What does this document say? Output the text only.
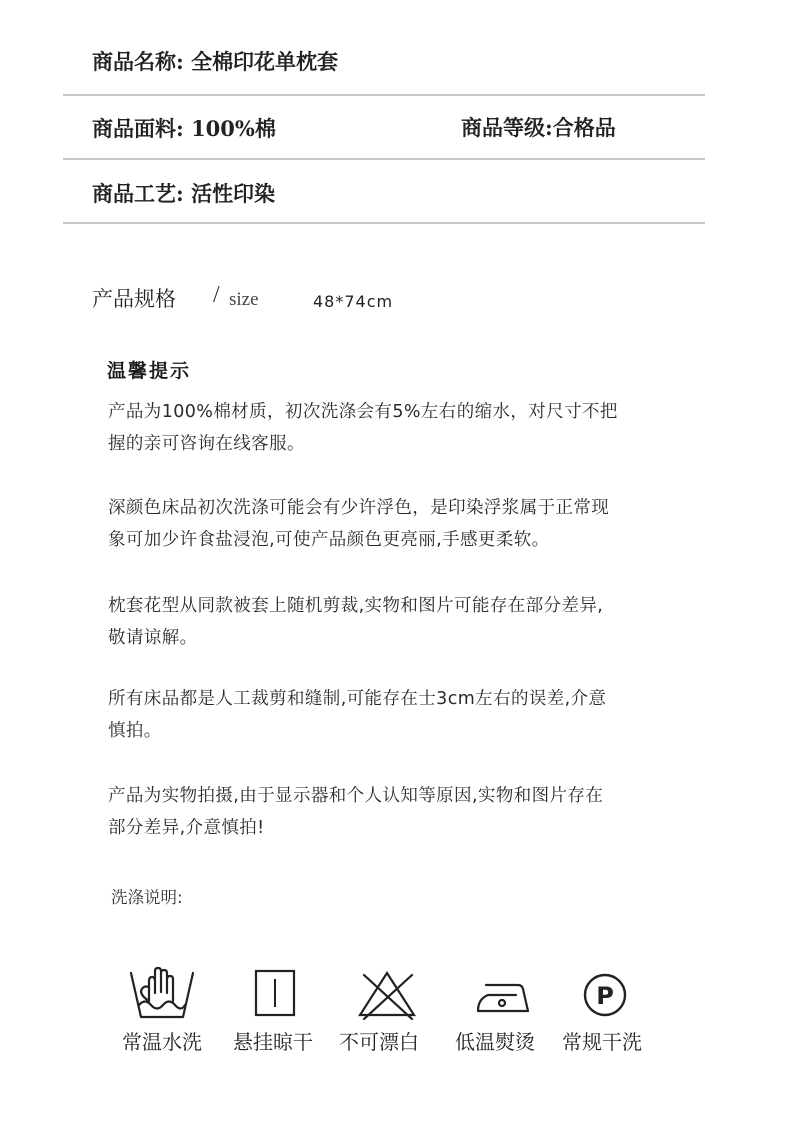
商品名称: 全棉印花单枕套
商品面料: 100%棉	商品等级:合格品
商品工艺: 活性印染
产品规格 / size	48*74cm
温馨提示
产品为100%棉材质，初次洗涤会有5%左右的缩水，对尺寸不把
握的亲可咨询在线客服。
深颜色床品初次洗涤可能会有少许浮色，是印染浮浆属于正常现
象可加少许食盐浸泡,可使产品颜色更亮丽,手感更柔软。
枕套花型从同款被套上随机剪裁,实物和图片可能存在部分差异,
敬请谅解。
所有床品都是人工裁剪和缝制,可能存在士3cm左右的误差,介意
慎拍。
产品为实物拍摄,由于显示器和个人认知等原因,实物和图片存在
部分差异,介意慎拍!
洗涤说明:
常温水洗	悬挂晾干	不可漂白	低温熨烫
P
常规干洗
